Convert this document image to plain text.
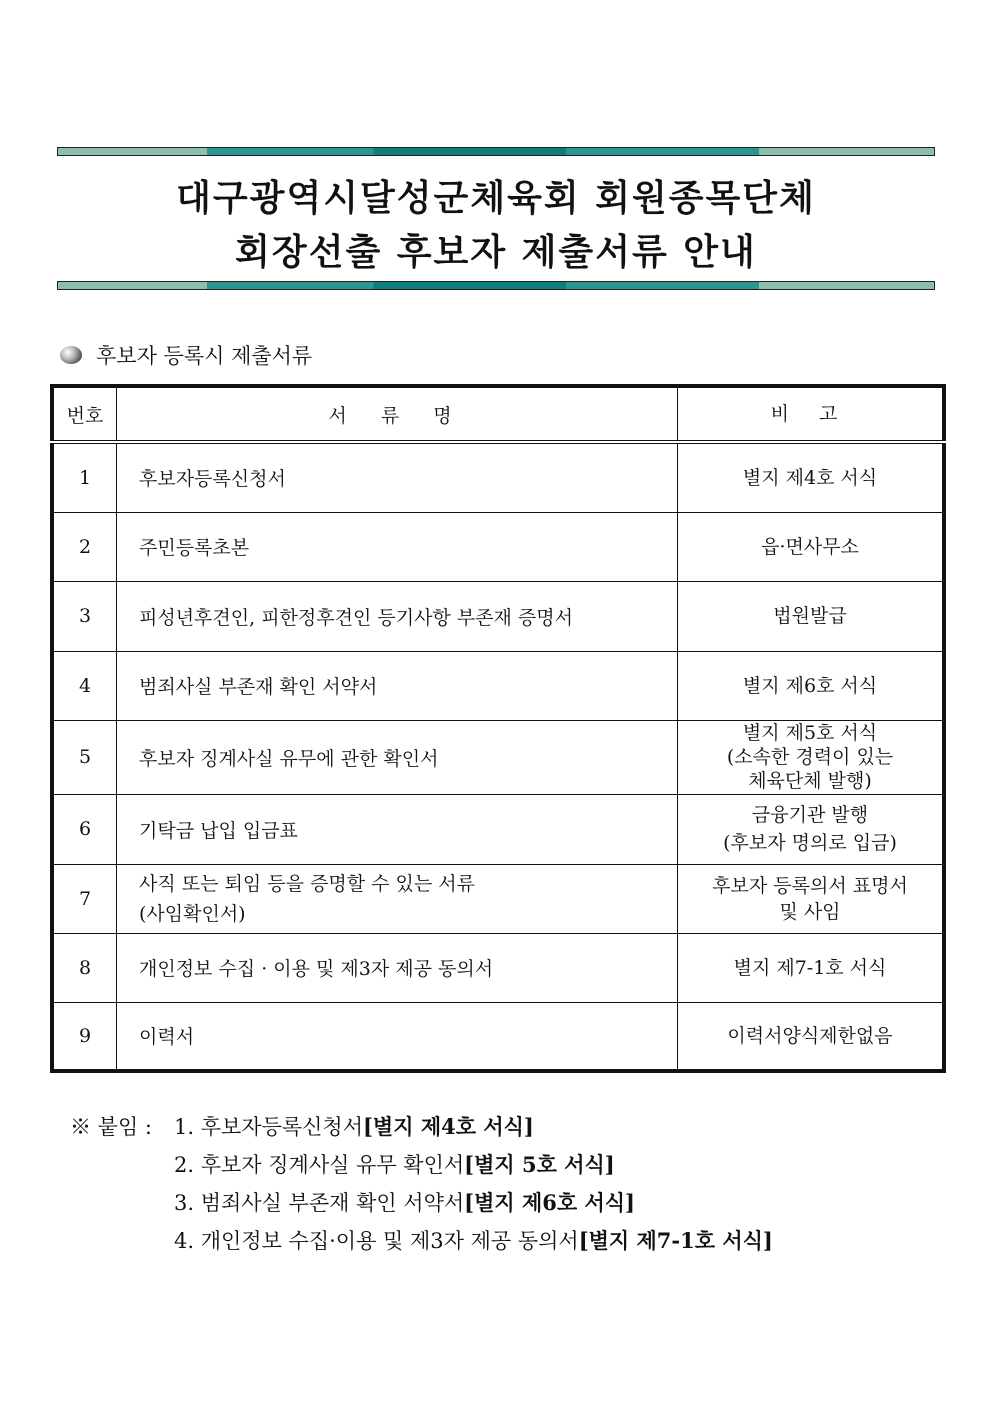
대구광역시달성군체육회 회원종목단체
회장선출 후보자 제출서류 안내
후보자 등록시 제출서류
번호	서 류 명	비 고
1	후보자등록신청서	별지 제4호 서식
2	주민등록초본	읍·면사무소
3	피성년후견인, 피한정후견인 등기사항 부존재 증명서	법원발급
4	범죄사실 부존재 확인 서약서	별지 제6호 서식
5	후보자 징계사실 유무에 관한 확인서	별지 제5호 서식
(소속한 경력이 있는
체육단체 발행)
6	기탁금 납입 입금표	금융기관 발행
(후보자 명의로 입금)
7	사직 또는 퇴임 등을 증명할 수 있는 서류
(사임확인서)	후보자 등록의서 표명서
및 사임
8	개인정보 수집 · 이용 및 제3자 제공 동의서	별지 제7-1호 서식
9	이력서	이력서양식제한없음
※ 붙임 :	1. 후보자등록신청서 [별지 제4호 서식]
2. 후보자 징계사실 유무 확인서 [별지 5호 서식]
3. 범죄사실 부존재 확인 서약서 [별지 제6호 서식]
4. 개인정보 수집·이용 및 제3자 제공 동의서 [별지 제7-1호 서식]
